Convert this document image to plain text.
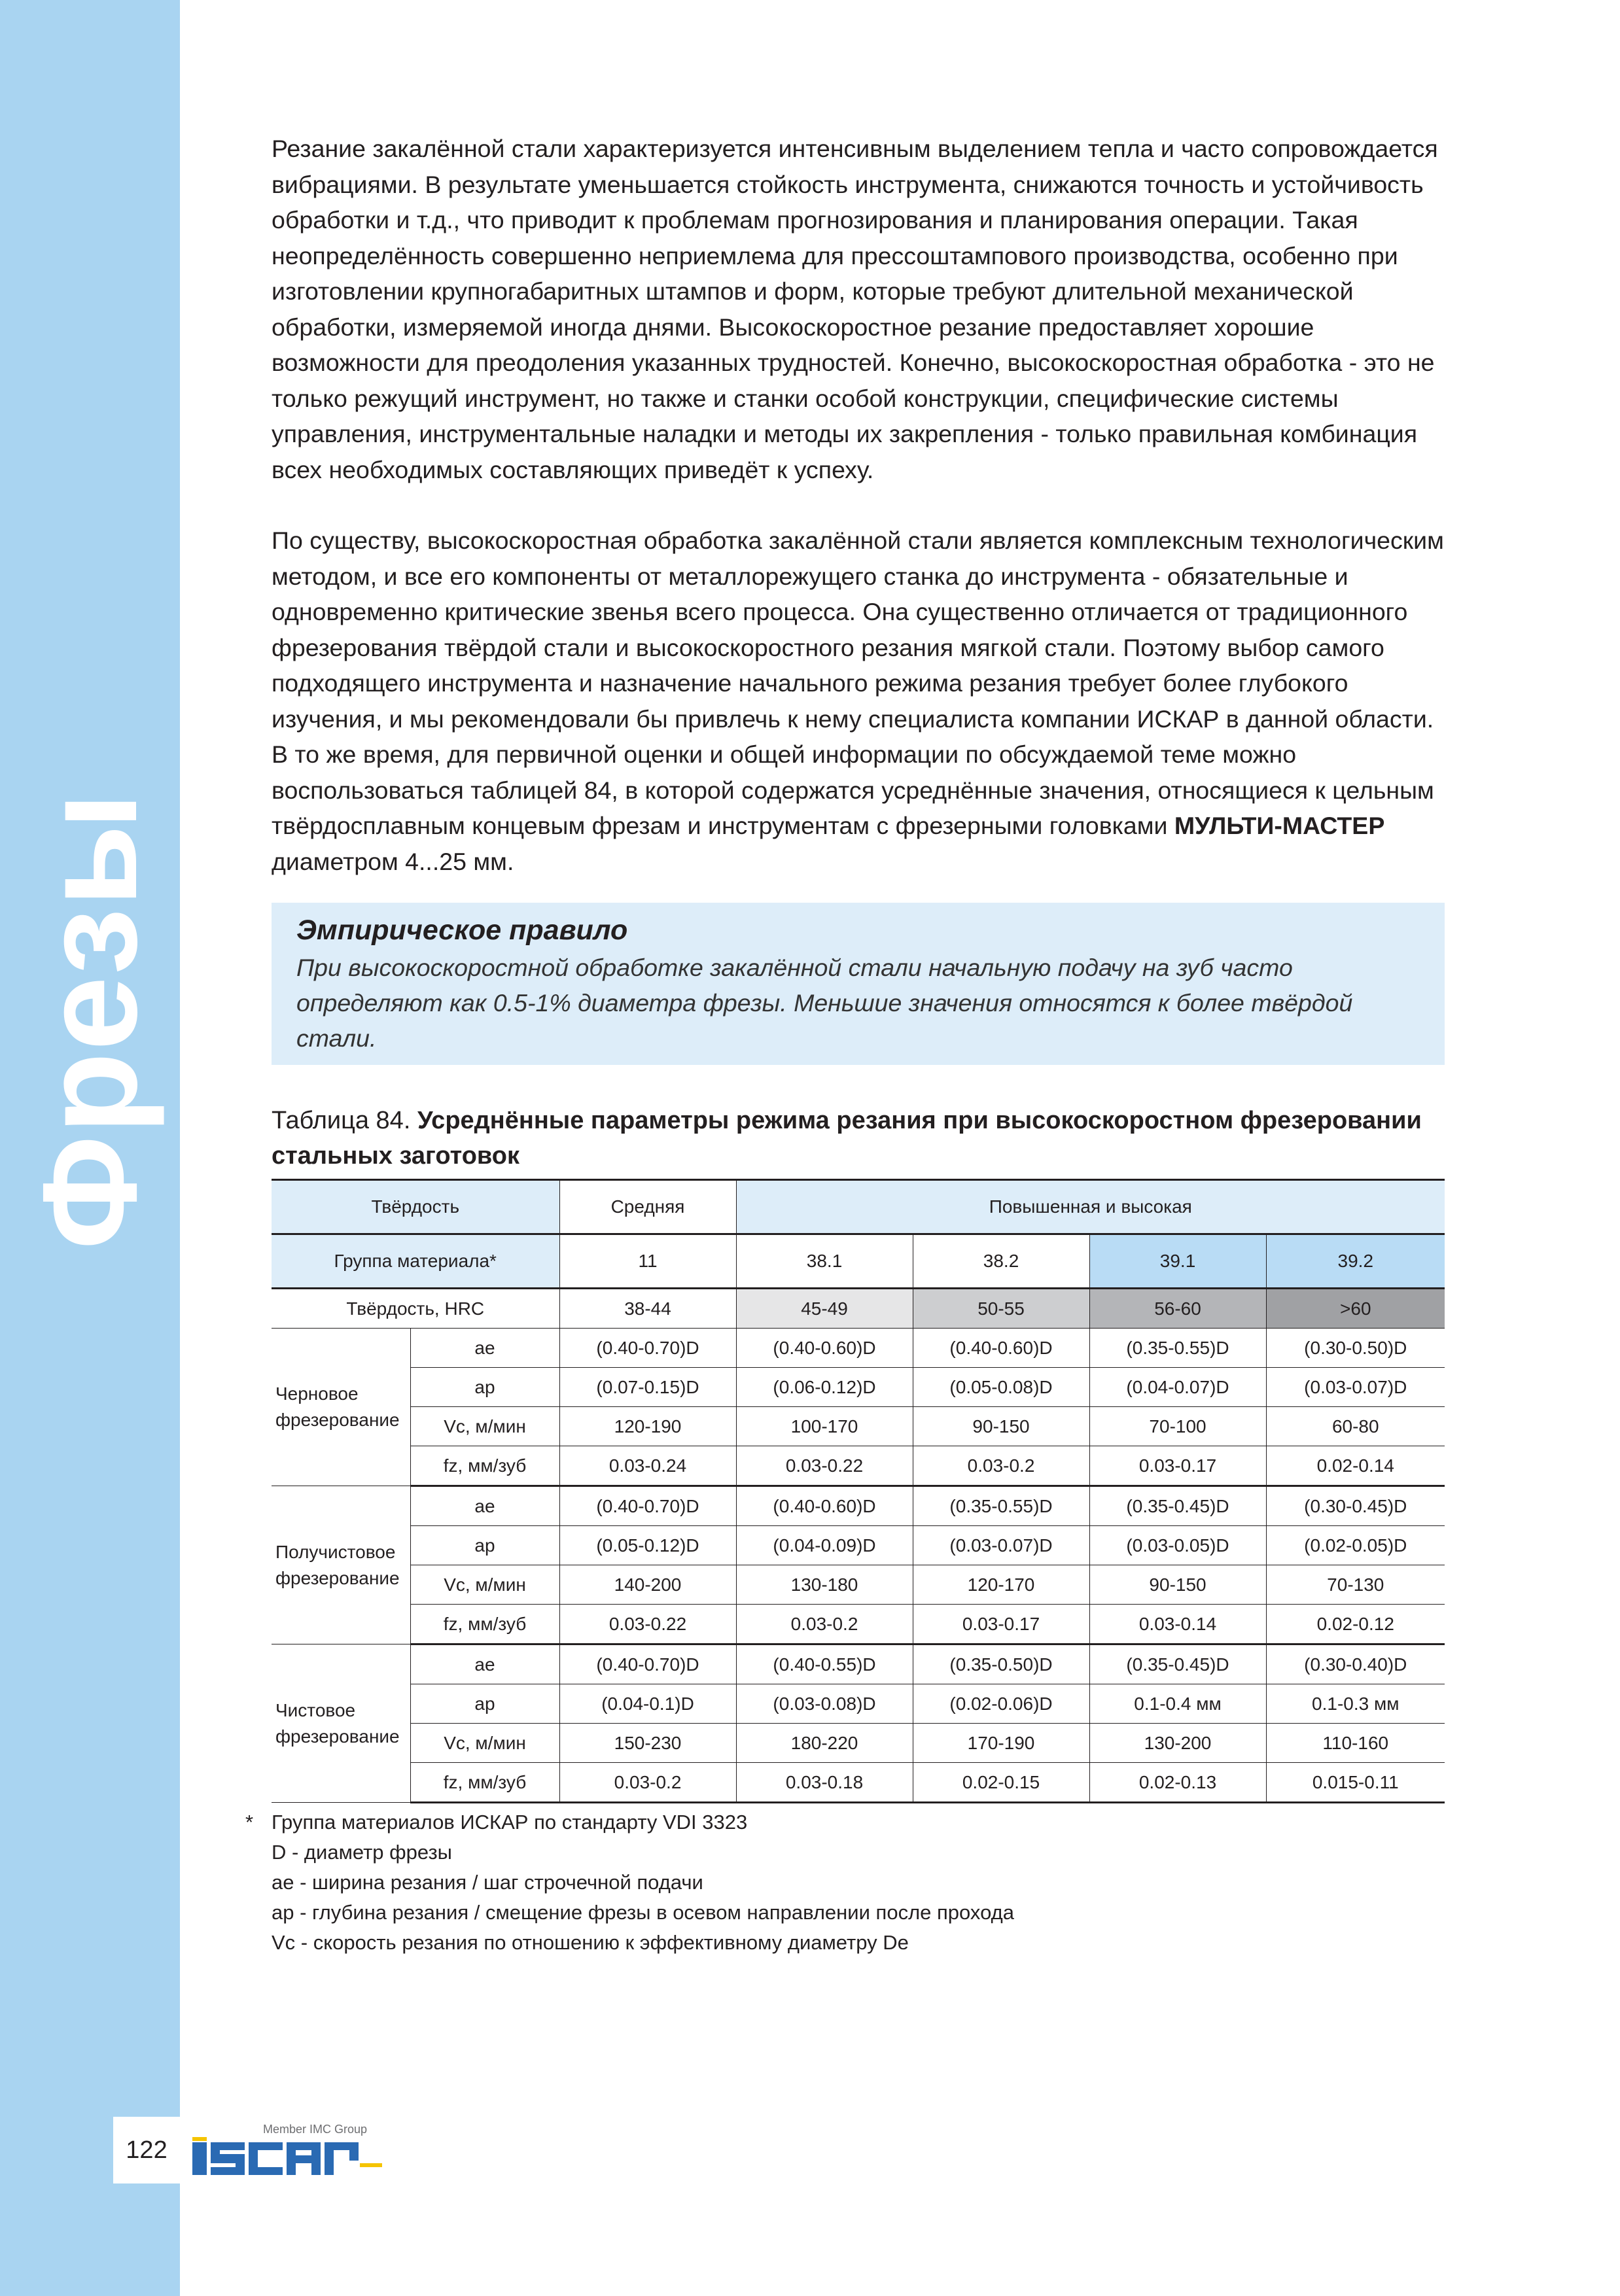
Фрезы

Резание закалённой стали характеризуется интенсивным выделением тепла и часто сопровождается вибрациями. В результате уменьшается стойкость инструмента, снижаются точность и устойчивость обработки и т.д., что приводит к проблемам прогнозирования и планирования операции. Такая неопределённость совершенно неприемлема для прессоштампового производства, особенно при изготовлении крупногабаритных штампов и форм, которые требуют длительной механической обработки, измеряемой иногда днями. Высокоскоростное резание предоставляет хорошие возможности для преодоления указанных трудностей. Конечно, высокоскоростная обработка - это не только режущий инструмент, но также и станки особой конструкции, специфические системы управления, инструментальные наладки и методы их закрепления - только правильная комбинация всех необходимых составляющих приведёт к успеху.

По существу, высокоскоростная обработка закалённой стали является комплексным технологическим методом, и все его компоненты от металлорежущего станка до инструмента - обязательные и одновременно критические звенья всего процесса. Она существенно отличается от традиционного фрезерования твёрдой стали и высокоскоростного резания мягкой стали. Поэтому выбор самого подходящего инструмента и назначение начального режима резания требует более глубокого изучения, и мы рекомендовали бы привлечь к нему специалиста компании ИСКАР в данной области. В то же время, для первичной оценки и общей информации по обсуждаемой теме можно воспользоваться таблицей 84, в которой содержатся усреднённые значения, относящиеся к цельным твёрдосплавным концевым фрезам и инструментам с фрезерными головками МУЛЬТИ-МАСТЕР диаметром 4...25 мм.

Эмпирическое правило
При высокоскоростной обработке закалённой стали начальную подачу на зуб часто определяют как 0.5-1% диаметра фрезы. Меньшие значения относятся к более твёрдой стали.
Таблица 84. Усреднённые параметры режима резания при высокоскоростном фрезеровании стальных заготовок
Твёрдость		Средняя	Повышенная и высокая			
Группа материала*		11	38.1	38.2	39.1	39.2
Твёрдость, HRC		38-44	45-49	50-55	56-60	>60
Черновое фрезерование	ae	(0.40-0.70)D	(0.40-0.60)D	(0.40-0.60)D	(0.35-0.55)D	(0.30-0.50)D
	ap	(0.07-0.15)D	(0.06-0.12)D	(0.05-0.08)D	(0.04-0.07)D	(0.03-0.07)D
	Vc, м/мин	120-190	100-170	90-150	70-100	60-80
	fz, мм/зуб	0.03-0.24	0.03-0.22	0.03-0.2	0.03-0.17	0.02-0.14
Получистовое фрезерование	ae	(0.40-0.70)D	(0.40-0.60)D	(0.35-0.55)D	(0.35-0.45)D	(0.30-0.45)D
	ap	(0.05-0.12)D	(0.04-0.09)D	(0.03-0.07)D	(0.03-0.05)D	(0.02-0.05)D
	Vc, м/мин	140-200	130-180	120-170	90-150	70-130
	fz, мм/зуб	0.03-0.22	0.03-0.2	0.03-0.17	0.03-0.14	0.02-0.12
Чистовое фрезерование	ae	(0.40-0.70)D	(0.40-0.55)D	(0.35-0.50)D	(0.35-0.45)D	(0.30-0.40)D
	ap	(0.04-0.1)D	(0.03-0.08)D	(0.02-0.06)D	0.1-0.4 мм	0.1-0.3 мм
	Vc, м/мин	150-230	180-220	170-190	130-200	110-160
	fz, мм/зуб	0.03-0.2	0.03-0.18	0.02-0.15	0.02-0.13	0.015-0.11
* Группа материалов ИСКАР по стандарту VDI 3323
D - диаметр фрезы
ae - ширина резания / шаг строчечной подачи
ap - глубина резания / смещение фрезы в осевом направлении после прохода
Vc - скорость резания по отношению к эффективному диаметру De
122
Member IMC Group
